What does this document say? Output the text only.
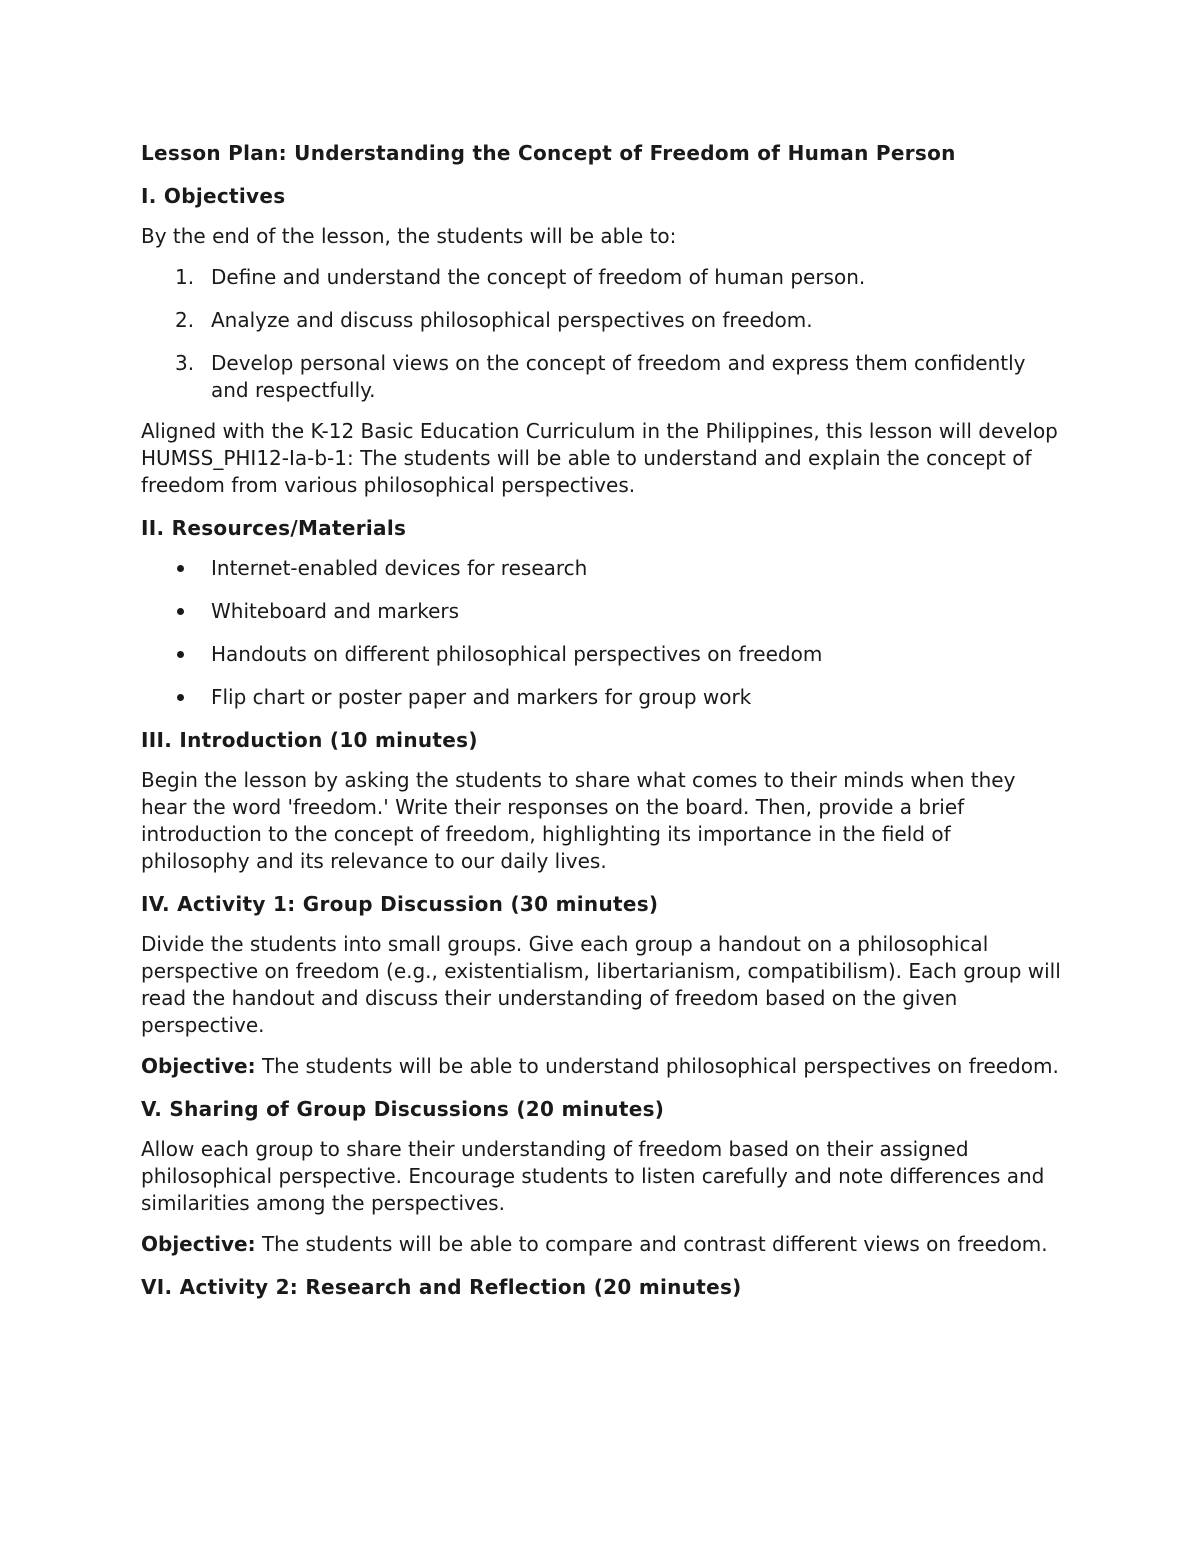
Lesson Plan: Understanding the Concept of Freedom of Human Person
I. Objectives

By the end of the lesson, the students will be able to:

1. Define and understand the concept of freedom of human person.
2. Analyze and discuss philosophical perspectives on freedom.
3. Develop personal views on the concept of freedom and express them confidently and respectfully.

Aligned with the K-12 Basic Education Curriculum in the Philippines, this lesson will develop HUMSS_PHI12-Ia-b-1: The students will be able to understand and explain the concept of freedom from various philosophical perspectives.

II. Resources/Materials
Internet-enabled devices for research
Whiteboard and markers
Handouts on different philosophical perspectives on freedom
Flip chart or poster paper and markers for group work
III. Introduction (10 minutes)

Begin the lesson by asking the students to share what comes to their minds when they hear the word 'freedom.' Write their responses on the board. Then, provide a brief introduction to the concept of freedom, highlighting its importance in the field of philosophy and its relevance to our daily lives.

IV. Activity 1: Group Discussion (30 minutes)

Divide the students into small groups. Give each group a handout on a philosophical perspective on freedom (e.g., existentialism, libertarianism, compatibilism). Each group will read the handout and discuss their understanding of freedom based on the given perspective.

Objective: The students will be able to understand philosophical perspectives on freedom.

V. Sharing of Group Discussions (20 minutes)

Allow each group to share their understanding of freedom based on their assigned philosophical perspective. Encourage students to listen carefully and note differences and similarities among the perspectives.

Objective: The students will be able to compare and contrast different views on freedom.

VI. Activity 2: Research and Reflection (20 minutes)
